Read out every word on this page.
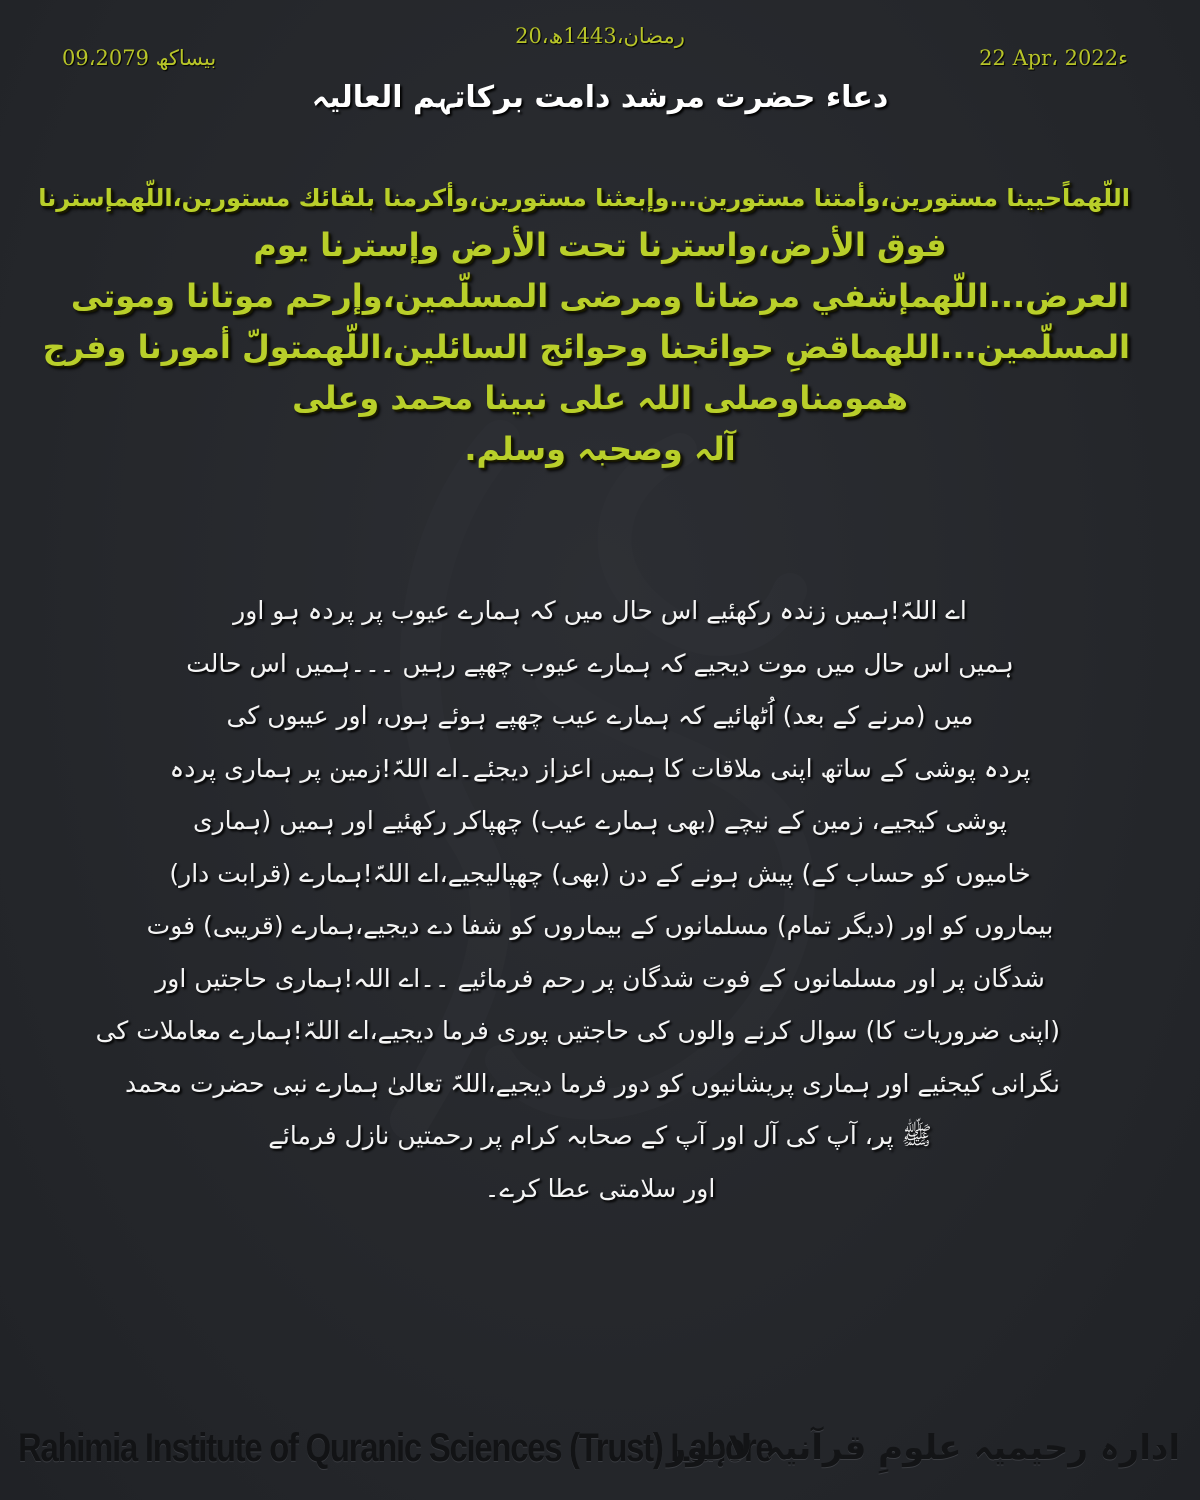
20،رمضان،1443ھ
09،بیساکھ 2079	22 Apr، 2022ء
دعاء حضرت مرشد دامت برکاتہم العالیہ
اللّھماًحیینا مستورین،وأمتنا مستورین...وإبعثنا مستورین،وأکرمنا بلقائك مستورین،اللّھمإسترنا
فوق الأرض،واسترنا تحت الأرض وإسترنا یوم
العرض...اللّھمإشفي مرضانا ومرضی المسلّمین،وإرحم موتانا وموتی
المسلّمین...اللھماقضِ حوائجنا وحوائج السائلین،اللّھمتولّ أمورنا وفرج
ھمومناوصلی اللہ علی نبینا محمد وعلی
آلہ وصحبہ وسلم.
اے اللہّ!ہمیں زندہ رکھئیے اس حال میں کہ ہمارے عیوب پر پردہ ہو اور
ہمیں اس حال میں موت دیجیے کہ ہمارے عیوب چھپے رہیں ۔۔۔ہمیں اس حالت
میں (مرنے کے بعد) اُٹھائیے کہ ہمارے عیب چھپے ہوئے ہوں، اور عیبوں کی
پردہ پوشی کے ساتھ اپنی ملاقات کا ہمیں اعزاز دیجئے۔اے اللہّ!زمین پر ہماری پردہ
پوشی کیجیے، زمین کے نیچے (بھی ہمارے عیب) چھپاکر رکھئیے اور ہمیں (ہماری
خامیوں کو حساب کے) پیش ہونے کے دن (بھی) چھپالیجیے،اے اللہّ!ہمارے (قرابت دار)
بیماروں کو اور (دیگر تمام) مسلمانوں کے بیماروں کو شفا دے دیجیے،ہمارے (قریبی) فوت
شدگان پر اور مسلمانوں کے فوت شدگان پر رحم فرمائیے ۔۔اے اللہ!ہماری حاجتیں اور
(اپنی ضروریات کا) سوال کرنے والوں کی حاجتیں پوری فرما دیجیے،اے اللہّ!ہمارے معاملات کی
نگرانی کیجئیے اور ہماری پریشانیوں کو دور فرما دیجیے،اللہّ تعالیٰ ہمارے نبی حضرت محمد
ﷺ پر، آپ کی آل اور آپ کے صحابہ کرام پر رحمتیں نازل فرمائے
اور سلامتی عطا کرے۔
Rahimia Institute of Quranic Sciences (Trust) Lahore
ادارہ رحیمیہ علومِ قرآنیہ لاہور
